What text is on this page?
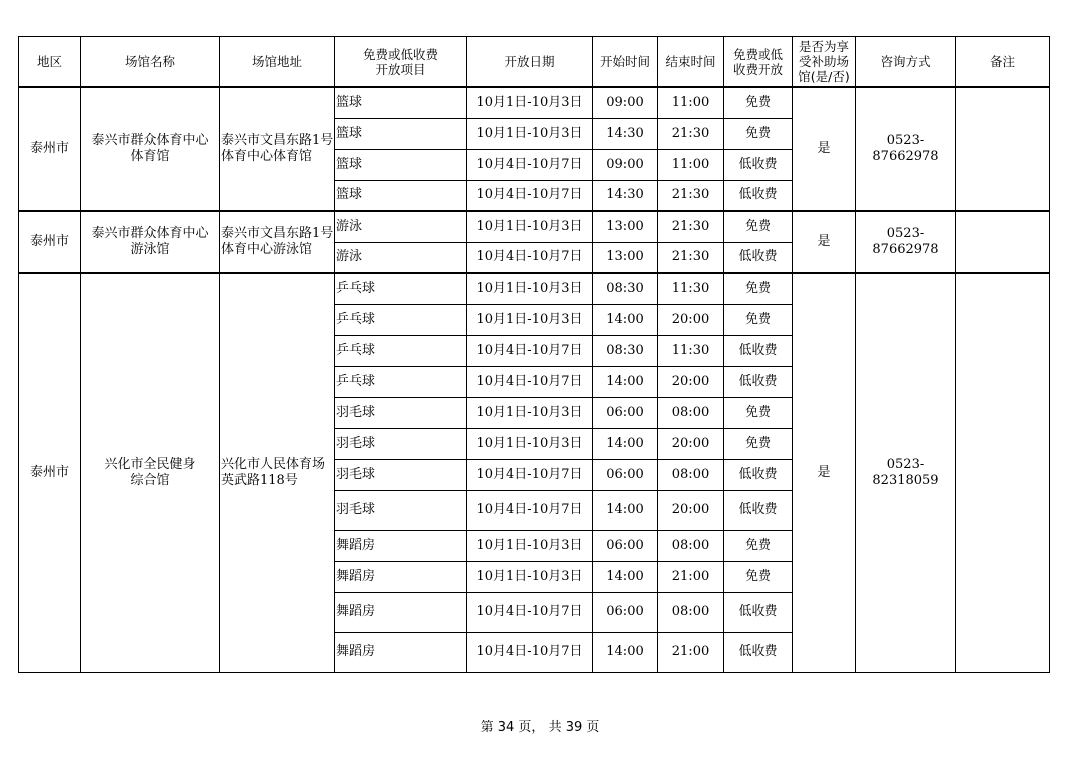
地区	场馆名称	场馆地址	免费或低收费开放项目	开放日期	开始时间	结束时间	免费或低收费开放	是否为享受补助场馆(是/否)	咨询方式	备注
泰州市	泰兴市群众体育中心体育馆	泰兴市文昌东路1号体育中心体育馆	篮球	10月1日-10月3日	09:00	11:00	免费	是	0523-87662978	
			篮球	10月1日-10月3日	14:30	21:30	免费			
			篮球	10月4日-10月7日	09:00	11:00	低收费			
			篮球	10月4日-10月7日	14:30	21:30	低收费			
泰州市	泰兴市群众体育中心游泳馆	泰兴市文昌东路1号体育中心游泳馆	游泳	10月1日-10月3日	13:00	21:30	免费	是	0523-87662978	
			游泳	10月4日-10月7日	13:00	21:30	低收费			
泰州市	兴化市全民健身综合馆	兴化市人民体育场英武路118号	乒乓球	10月1日-10月3日	08:30	11:30	免费	是	0523-82318059	
			乒乓球	10月1日-10月3日	14:00	20:00	免费			
			乒乓球	10月4日-10月7日	08:30	11:30	低收费			
			乒乓球	10月4日-10月7日	14:00	20:00	低收费			
			羽毛球	10月1日-10月3日	06:00	08:00	免费			
			羽毛球	10月1日-10月3日	14:00	20:00	免费			
			羽毛球	10月4日-10月7日	06:00	08:00	低收费			
			羽毛球	10月4日-10月7日	14:00	20:00	低收费			
			舞蹈房	10月1日-10月3日	06:00	08:00	免费			
			舞蹈房	10月1日-10月3日	14:00	21:00	免费			
			舞蹈房	10月4日-10月7日	06:00	08:00	低收费			
			舞蹈房	10月4日-10月7日	14:00	21:00	低收费			
第 34 页， 共 39 页
